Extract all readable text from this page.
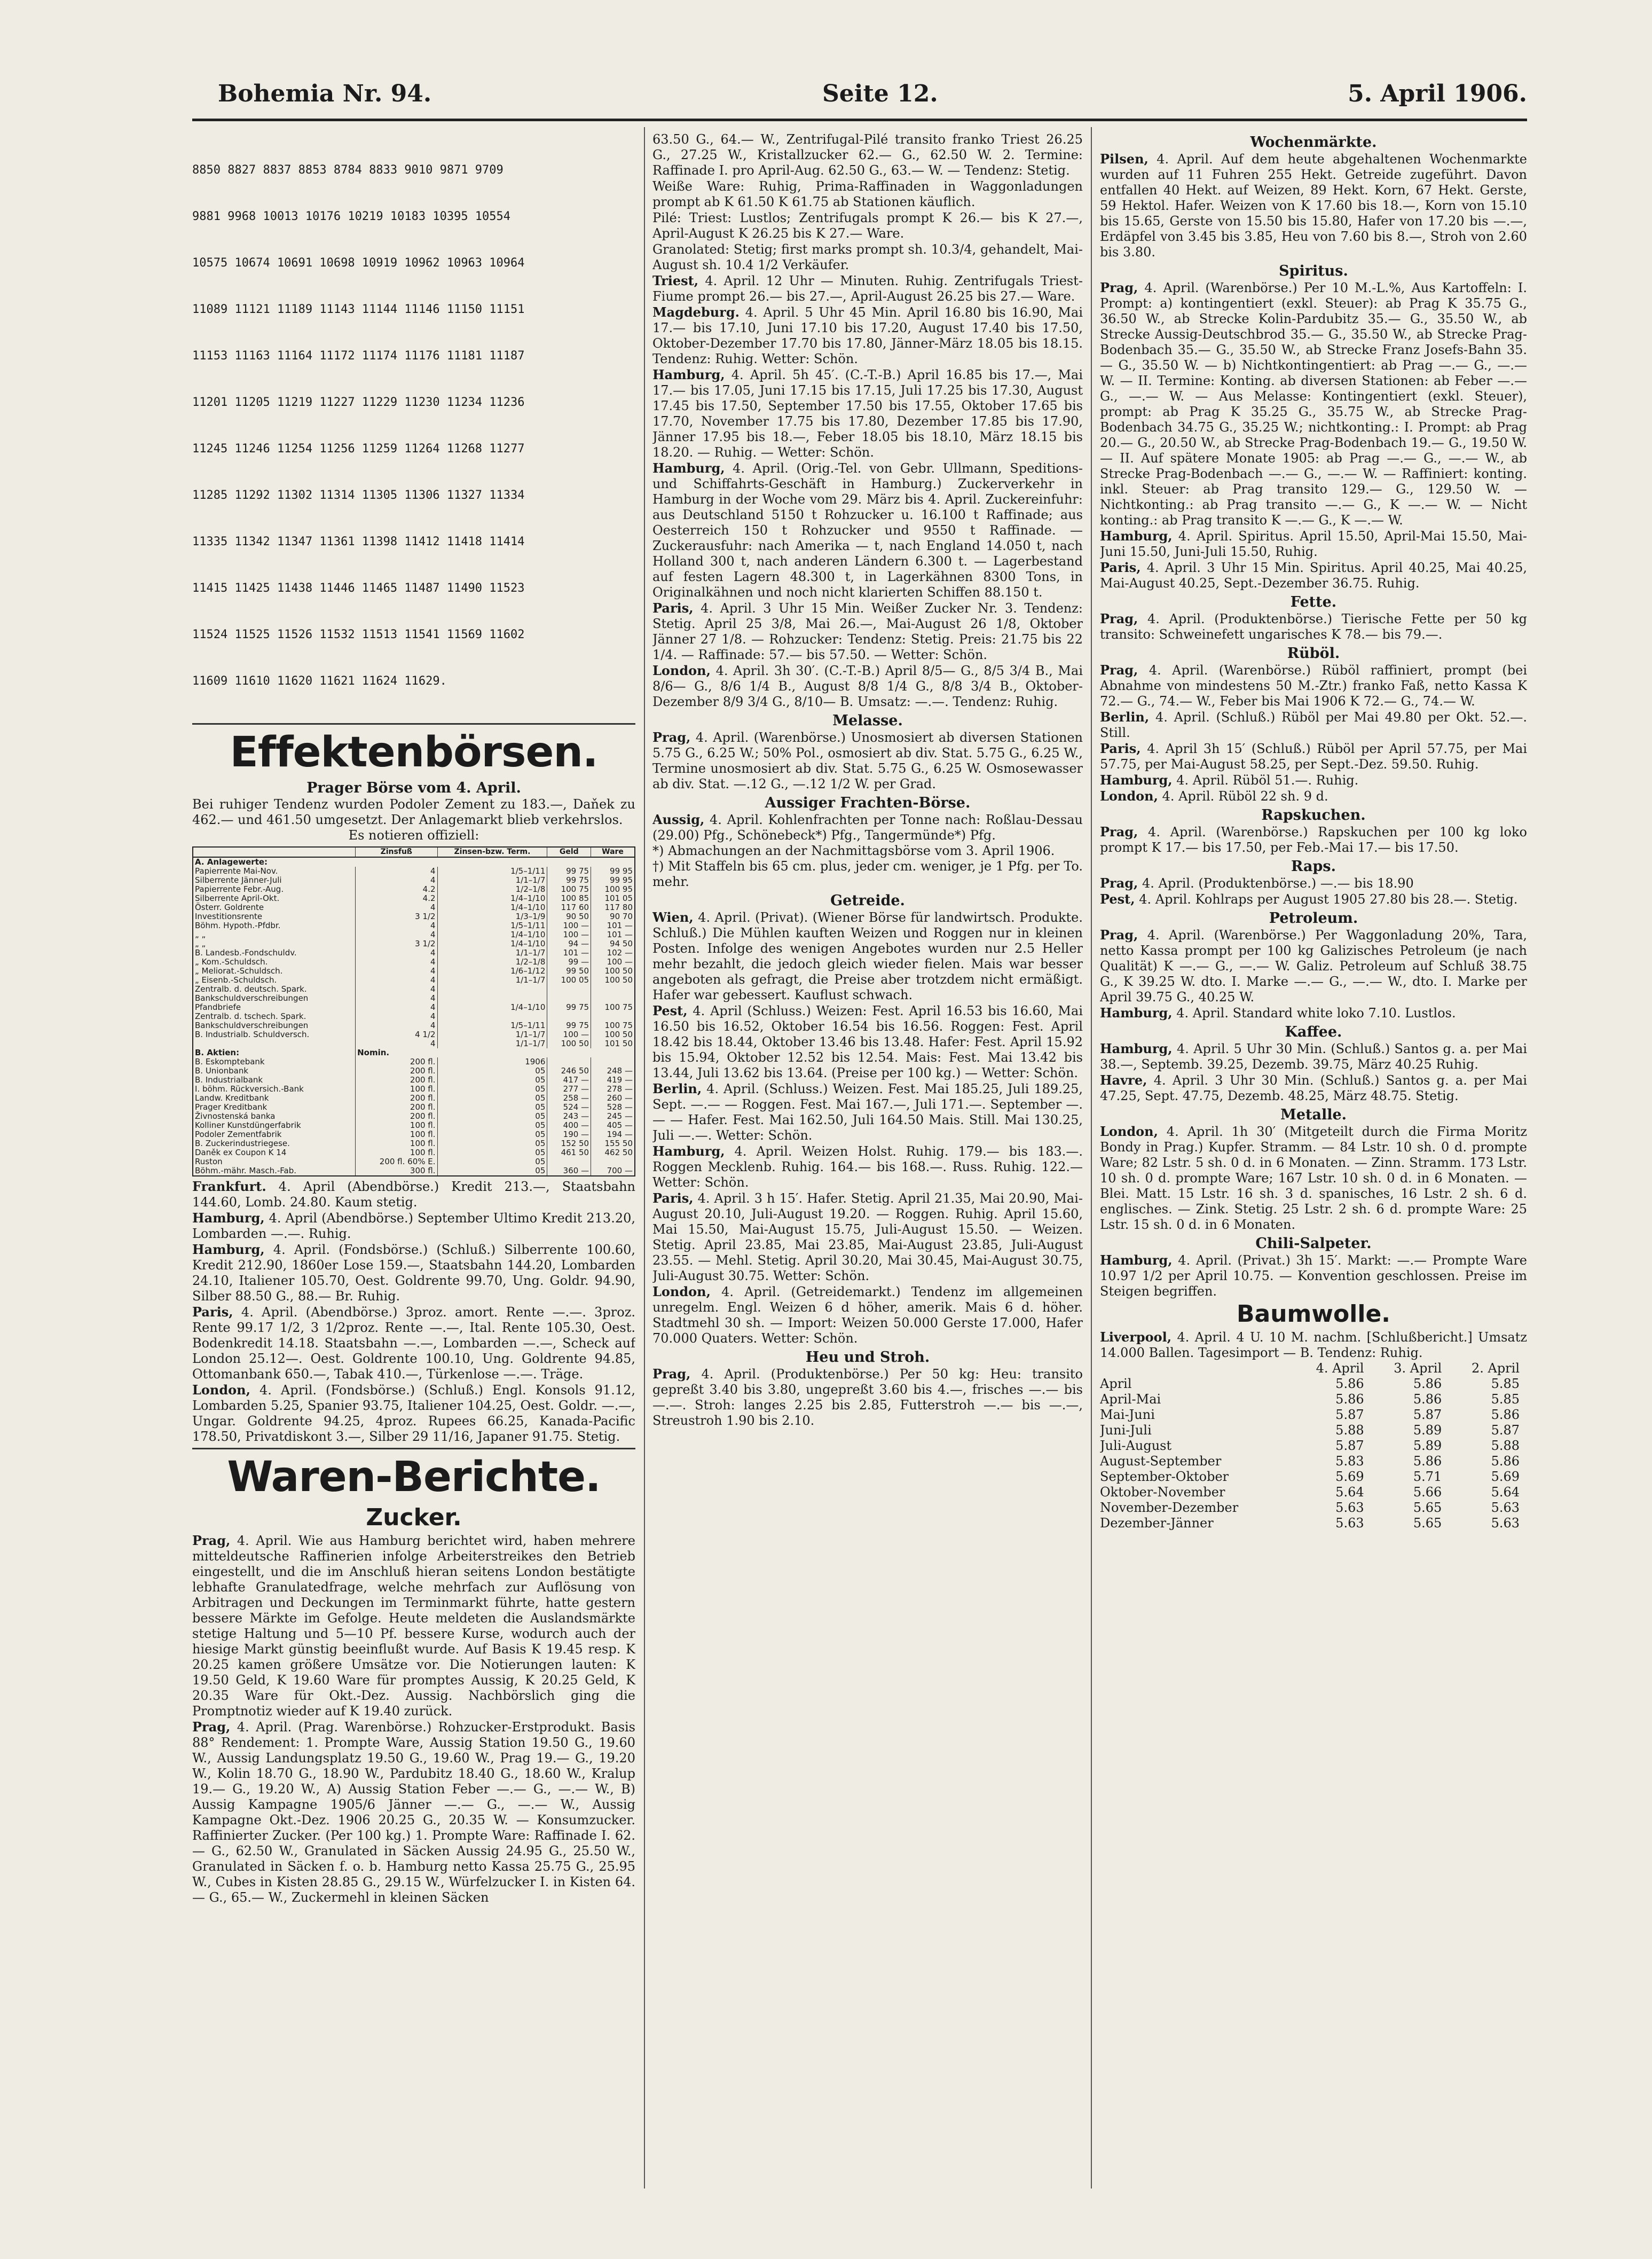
Bohemia Nr. 94.	Seite 12.	5. April 1906.

8850 8827 8837 8853 8784 8833 9010 9871 9709

9881 9968 10013 10176 10219 10183 10395 10554

10575 10674 10691 10698 10919 10962 10963 10964

11089 11121 11189 11143 11144 11146 11150 11151

11153 11163 11164 11172 11174 11176 11181 11187

11201 11205 11219 11227 11229 11230 11234 11236

11245 11246 11254 11256 11259 11264 11268 11277

11285 11292 11302 11314 11305 11306 11327 11334

11335 11342 11347 11361 11398 11412 11418 11414

11415 11425 11438 11446 11465 11487 11490 11523

11524 11525 11526 11532 11513 11541 11569 11602

11609 11610 11620 11621 11624 11629.

Effektenbörsen.
Prager Börse vom 4. April.

Bei ruhiger Tendenz wurden Podoler Zement zu 183.—, Daňek zu 462.— und 461.50 umgesetzt. Der Anlagemarkt blieb verkehrslos.

Es notieren offiziell:
	Zinsfuß	Zinsen-bzw. Term.	Geld	Ware
A. Anlagewerte:				
Papierrente Mai-Nov.	4	1/5–1/11	99 75	99 95
Silberrente Jänner-Juli	4	1/1–1/7	99 75	99 95
Papierrente Febr.-Aug.	4.2	1/2–1/8	100 75	100 95
Silberrente April-Okt.	4.2	1/4–1/10	100 85	101 05
Österr. Goldrente	4	1/4–1/10	117 60	117 80
Investitionsrente	3 1/2	1/3–1/9	90 50	90 70
Böhm. Hypoth.-Pfdbr.	4	1/5–1/11	100 —	101 —
„ „	4	1/4–1/10	100 —	101 —
„ „	3 1/2	1/4–1/10	94 —	94 50
B. Landesb.-Fondschuldv.	4	1/1–1/7	101 —	102 —
„ Kom.-Schuldsch.	4	1/2–1/8	99 —	100 —
„ Meliorat.-Schuldsch.	4	1/6–1/12	99 50	100 50
„ Eisenb.-Schuldsch.	4	1/1–1/7	100 05	100 50
Zentralb. d. deutsch. Spark.	4			
Bankschuldverschreibungen	4			
Pfandbriefe	4	1/4–1/10	99 75	100 75
Zentralb. d. tschech. Spark.	4			
Bankschuldverschreibungen	4	1/5–1/11	99 75	100 75
B. Industrialb. Schuldversch.	4 1/2	1/1–1/7	100 —	100 50
	4	1/1–1/7	100 50	101 50
B. Aktien:	Nomin.			
B. Eskomptebank	200 fl.	1906		
B. Unionbank	200 fl.	05	246 50	248 —
B. Industrialbank	200 fl.	05	417 —	419 —
I. böhm. Rückversich.-Bank	100 fl.	05	277 —	278 —
Landw. Kreditbank	200 fl.	05	258 —	260 —
Prager Kreditbank	200 fl.	05	524 —	528 —
Živnostenská banka	200 fl.	05	243 —	245 —
Kolliner Kunstdüngerfabrik	100 fl.	05	400 —	405 —
Podoler Zementfabrik	100 fl.	05	190 —	194 —
B. Zuckerindustriegese.	100 fl.	05	152 50	155 50
Daněk ex Coupon K 14	100 fl.	05	461 50	462 50
Ruston	200 fl. 60% E.	05		
Böhm.-mähr. Masch.-Fab.	300 fl.	05	360 —	700 —

Frankfurt. 4. April (Abendbörse.) Kredit 213.—, Staatsbahn 144.60, Lomb. 24.80. Kaum stetig.

Hamburg, 4. April (Abendbörse.) September Ultimo Kredit 213.20, Lombarden —.—. Ruhig.

Hamburg, 4. April. (Fondsbörse.) (Schluß.) Silberrente 100.60, Kredit 212.90, 1860er Lose 159.—, Staatsbahn 144.20, Lombarden 24.10, Italiener 105.70, Oest. Goldrente 99.70, Ung. Goldr. 94.90, Silber 88.50 G., 88.— Br. Ruhig.

Paris, 4. April. (Abendbörse.) 3proz. amort. Rente —.—. 3proz. Rente 99.17 1/2, 3 1/2proz. Rente —.—, Ital. Rente 105.30, Oest. Bodenkredit 14.18. Staatsbahn —.—, Lombarden —.—, Scheck auf London 25.12—. Oest. Goldrente 100.10, Ung. Goldrente 94.85, Ottomanbank 650.—, Tabak 410.—, Türkenlose —.—. Träge.

London, 4. April. (Fondsbörse.) (Schluß.) Engl. Konsols 91.12, Lombarden 5.25, Spanier 93.75, Italiener 104.25, Oest. Goldr. —.—, Ungar. Goldrente 94.25, 4proz. Rupees 66.25, Kanada-Pacific 178.50, Privatdiskont 3.—, Silber 29 11/16, Japaner 91.75. Stetig.

Waren-Berichte.
Zucker.

Prag, 4. April. Wie aus Hamburg berichtet wird, haben mehrere mitteldeutsche Raffinerien infolge Arbeiterstreikes den Betrieb eingestellt, und die im Anschluß hieran seitens London bestätigte lebhafte Granulatedfrage, welche mehrfach zur Auflösung von Arbitragen und Deckungen im Terminmarkt führte, hatte gestern bessere Märkte im Gefolge. Heute meldeten die Auslandsmärkte stetige Haltung und 5—10 Pf. bessere Kurse, wodurch auch der hiesige Markt günstig beeinflußt wurde. Auf Basis K 19.45 resp. K 20.25 kamen größere Umsätze vor. Die Notierungen lauten: K 19.50 Geld, K 19.60 Ware für promptes Aussig, K 20.25 Geld, K 20.35 Ware für Okt.-Dez. Aussig. Nachbörslich ging die Promptnotiz wieder auf K 19.40 zurück.

Prag, 4. April. (Prag. Warenbörse.) Rohzucker-Erstprodukt. Basis 88° Rendement: 1. Prompte Ware, Aussig Station 19.50 G., 19.60 W., Aussig Landungsplatz 19.50 G., 19.60 W., Prag 19.— G., 19.20 W., Kolin 18.70 G., 18.90 W., Pardubitz 18.40 G., 18.60 W., Kralup 19.— G., 19.20 W., A) Aussig Station Feber —.— G., —.— W., B) Aussig Kampagne 1905/6 Jänner —.— G., —.— W., Aussig Kampagne Okt.-Dez. 1906 20.25 G., 20.35 W. — Konsumzucker. Raffinierter Zucker. (Per 100 kg.) 1. Prompte Ware: Raffinade I. 62.— G., 62.50 W., Granulated in Säcken Aussig 24.95 G., 25.50 W., Granulated in Säcken f. o. b. Hamburg netto Kassa 25.75 G., 25.95 W., Cubes in Kisten 28.85 G., 29.15 W., Würfelzucker I. in Kisten 64.— G., 65.— W., Zuckermehl in kleinen Säcken

63.50 G., 64.— W., Zentrifugal-Pilé transito franko Triest 26.25 G., 27.25 W., Kristallzucker 62.— G., 62.50 W. 2. Termine: Raffinade I. pro April-Aug. 62.50 G., 63.— W. — Tendenz: Stetig.

Weiße Ware: Ruhig, Prima-Raffinaden in Waggonladungen prompt ab K 61.50 K 61.75 ab Stationen käuflich.

Pilé: Triest: Lustlos; Zentrifugals prompt K 26.— bis K 27.—, April-August K 26.25 bis K 27.— Ware.

Granolated: Stetig; first marks prompt sh. 10.3/4, gehandelt, Mai-August sh. 10.4 1/2 Verkäufer.

Triest, 4. April. 12 Uhr — Minuten. Ruhig. Zentrifugals Triest-Fiume prompt 26.— bis 27.—, April-August 26.25 bis 27.— Ware.

Magdeburg. 4. April. 5 Uhr 45 Min. April 16.80 bis 16.90, Mai 17.— bis 17.10, Juni 17.10 bis 17.20, August 17.40 bis 17.50, Oktober-Dezember 17.70 bis 17.80, Jänner-März 18.05 bis 18.15. Tendenz: Ruhig. Wetter: Schön.

Hamburg, 4. April. 5h 45′. (C.-T.-B.) April 16.85 bis 17.—, Mai 17.— bis 17.05, Juni 17.15 bis 17.15, Juli 17.25 bis 17.30, August 17.45 bis 17.50, September 17.50 bis 17.55, Oktober 17.65 bis 17.70, November 17.75 bis 17.80, Dezember 17.85 bis 17.90, Jänner 17.95 bis 18.—, Feber 18.05 bis 18.10, März 18.15 bis 18.20. — Ruhig. — Wetter: Schön.

Hamburg, 4. April. (Orig.-Tel. von Gebr. Ullmann, Speditions- und Schiffahrts-Geschäft in Hamburg.) Zuckerverkehr in Hamburg in der Woche vom 29. März bis 4. April. Zuckereinfuhr: aus Deutschland 5150 t Rohzucker u. 16.100 t Raffinade; aus Oesterreich 150 t Rohzucker und 9550 t Raffinade. — Zuckerausfuhr: nach Amerika — t, nach England 14.050 t, nach Holland 300 t, nach anderen Ländern 6.300 t. — Lagerbestand auf festen Lagern 48.300 t, in Lagerkähnen 8300 Tons, in Originalkähnen und noch nicht klarierten Schiffen 88.150 t.

Paris, 4. April. 3 Uhr 15 Min. Weißer Zucker Nr. 3. Tendenz: Stetig. April 25 3/8, Mai 26.—, Mai-August 26 1/8, Oktober Jänner 27 1/8. — Rohzucker: Tendenz: Stetig. Preis: 21.75 bis 22 1/4. — Raffinade: 57.— bis 57.50. — Wetter: Schön.

London, 4. April. 3h 30′. (C.-T.-B.) April 8/5— G., 8/5 3/4 B., Mai 8/6— G., 8/6 1/4 B., August 8/8 1/4 G., 8/8 3/4 B., Oktober-Dezember 8/9 3/4 G., 8/10— B. Umsatz: —.—. Tendenz: Ruhig.

Melasse.

Prag, 4. April. (Warenbörse.) Unosmosiert ab diversen Stationen 5.75 G., 6.25 W.; 50% Pol., osmosiert ab div. Stat. 5.75 G., 6.25 W., Termine unosmosiert ab div. Stat. 5.75 G., 6.25 W. Osmosewasser ab div. Stat. —.12 G., —.12 1/2 W. per Grad.

Aussiger Frachten-Börse.

Aussig, 4. April. Kohlenfrachten per Tonne nach: Roßlau-Dessau (29.00) Pfg., Schönebeck*) Pfg., Tangermünde*) Pfg.

*) Abmachungen an der Nachmittagsbörse vom 3. April 1906.

†) Mit Staffeln bis 65 cm. plus, jeder cm. weniger, je 1 Pfg. per To. mehr.

Getreide.

Wien, 4. April. (Privat). (Wiener Börse für landwirtsch. Produkte. Schluß.) Die Mühlen kauften Weizen und Roggen nur in kleinen Posten. Infolge des wenigen Angebotes wurden nur 2.5 Heller mehr bezahlt, die jedoch gleich wieder fielen. Mais war besser angeboten als gefragt, die Preise aber trotzdem nicht ermäßigt. Hafer war gebessert. Kauflust schwach.

Pest, 4. April (Schluss.) Weizen: Fest. April 16.53 bis 16.60, Mai 16.50 bis 16.52, Oktober 16.54 bis 16.56. Roggen: Fest. April 18.42 bis 18.44, Oktober 13.46 bis 13.48. Hafer: Fest. April 15.92 bis 15.94, Oktober 12.52 bis 12.54. Mais: Fest. Mai 13.42 bis 13.44, Juli 13.62 bis 13.64. (Preise per 100 kg.) — Wetter: Schön.

Berlin, 4. April. (Schluss.) Weizen. Fest. Mai 185.25, Juli 189.25, Sept. —.— — Roggen. Fest. Mai 167.—, Juli 171.—. September —.— — Hafer. Fest. Mai 162.50, Juli 164.50 Mais. Still. Mai 130.25, Juli —.—. Wetter: Schön.

Hamburg, 4. April. Weizen Holst. Ruhig. 179.— bis 183.—. Roggen Mecklenb. Ruhig. 164.— bis 168.—. Russ. Ruhig. 122.— Wetter: Schön.

Paris, 4. April. 3 h 15′. Hafer. Stetig. April 21.35, Mai 20.90, Mai-August 20.10, Juli-August 19.20. — Roggen. Ruhig. April 15.60, Mai 15.50, Mai-August 15.75, Juli-August 15.50. — Weizen. Stetig. April 23.85, Mai 23.85, Mai-August 23.85, Juli-August 23.55. — Mehl. Stetig. April 30.20, Mai 30.45, Mai-August 30.75, Juli-August 30.75. Wetter: Schön.

London, 4. April. (Getreidemarkt.) Tendenz im allgemeinen unregelm. Engl. Weizen 6 d höher, amerik. Mais 6 d. höher. Stadtmehl 30 sh. — Import: Weizen 50.000 Gerste 17.000, Hafer 70.000 Quaters. Wetter: Schön.

Heu und Stroh.

Prag, 4. April. (Produktenbörse.) Per 50 kg: Heu: transito gepreßt 3.40 bis 3.80, ungepreßt 3.60 bis 4.—, frisches —.— bis —.—. Stroh: langes 2.25 bis 2.85, Futterstroh —.— bis —.—, Streustroh 1.90 bis 2.10.

Wochenmärkte.

Pilsen, 4. April. Auf dem heute abgehaltenen Wochenmarkte wurden auf 11 Fuhren 255 Hekt. Getreide zugeführt. Davon entfallen 40 Hekt. auf Weizen, 89 Hekt. Korn, 67 Hekt. Gerste, 59 Hektol. Hafer. Weizen von K 17.60 bis 18.—, Korn von 15.10 bis 15.65, Gerste von 15.50 bis 15.80, Hafer von 17.20 bis —.—, Erdäpfel von 3.45 bis 3.85, Heu von 7.60 bis 8.—, Stroh von 2.60 bis 3.80.

Spiritus.

Prag, 4. April. (Warenbörse.) Per 10 M.-L.%, Aus Kartoffeln: I. Prompt: a) kontingentiert (exkl. Steuer): ab Prag K 35.75 G., 36.50 W., ab Strecke Kolin-Pardubitz 35.— G., 35.50 W., ab Strecke Aussig-Deutschbrod 35.— G., 35.50 W., ab Strecke Prag-Bodenbach 35.— G., 35.50 W., ab Strecke Franz Josefs-Bahn 35.— G., 35.50 W. — b) Nichtkontingentiert: ab Prag —.— G., —.— W. — II. Termine: Konting. ab diversen Stationen: ab Feber —.— G., —.— W. — Aus Melasse: Kontingentiert (exkl. Steuer), prompt: ab Prag K 35.25 G., 35.75 W., ab Strecke Prag-Bodenbach 34.75 G., 35.25 W.; nichtkonting.: I. Prompt: ab Prag 20.— G., 20.50 W., ab Strecke Prag-Bodenbach 19.— G., 19.50 W. — II. Auf spätere Monate 1905: ab Prag —.— G., —.— W., ab Strecke Prag-Bodenbach —.— G., —.— W. — Raffiniert: konting. inkl. Steuer: ab Prag transito 129.— G., 129.50 W. — Nichtkonting.: ab Prag transito —.— G., K —.— W. — Nicht konting.: ab Prag transito K —.— G., K —.— W.

Hamburg, 4. April. Spiritus. April 15.50, April-Mai 15.50, Mai-Juni 15.50, Juni-Juli 15.50, Ruhig.

Paris, 4. April. 3 Uhr 15 Min. Spiritus. April 40.25, Mai 40.25, Mai-August 40.25, Sept.-Dezember 36.75. Ruhig.

Fette.

Prag, 4. April. (Produktenbörse.) Tierische Fette per 50 kg transito: Schweinefett ungarisches K 78.— bis 79.—.

Rüböl.

Prag, 4. April. (Warenbörse.) Rüböl raffiniert, prompt (bei Abnahme von mindestens 50 M.-Ztr.) franko Faß, netto Kassa K 72.— G., 74.— W., Feber bis Mai 1906 K 72.— G., 74.— W.

Berlin, 4. April. (Schluß.) Rüböl per Mai 49.80 per Okt. 52.—. Still.

Paris, 4. April 3h 15′ (Schluß.) Rüböl per April 57.75, per Mai 57.75, per Mai-August 58.25, per Sept.-Dez. 59.50. Ruhig.

Hamburg, 4. April. Rüböl 51.—. Ruhig.

London, 4. April. Rüböl 22 sh. 9 d.

Rapskuchen.

Prag, 4. April. (Warenbörse.) Rapskuchen per 100 kg loko prompt K 17.— bis 17.50, per Feb.-Mai 17.— bis 17.50.

Raps.

Prag, 4. April. (Produktenbörse.) —.— bis 18.90

Pest, 4. April. Kohlraps per August 1905 27.80 bis 28.—. Stetig.

Petroleum.

Prag, 4. April. (Warenbörse.) Per Waggonladung 20%, Tara, netto Kassa prompt per 100 kg Galizisches Petroleum (je nach Qualität) K —.— G., —.— W. Galiz. Petroleum auf Schluß 38.75 G., K 39.25 W. dto. I. Marke —.— G., —.— W., dto. I. Marke per April 39.75 G., 40.25 W.

Hamburg, 4. April. Standard white loko 7.10. Lustlos.

Kaffee.

Hamburg, 4. April. 5 Uhr 30 Min. (Schluß.) Santos g. a. per Mai 38.—, Septemb. 39.25, Dezemb. 39.75, März 40.25 Ruhig.

Havre, 4. April. 3 Uhr 30 Min. (Schluß.) Santos g. a. per Mai 47.25, Sept. 47.75, Dezemb. 48.25, März 48.75. Stetig.

Metalle.

London, 4. April. 1h 30′ (Mitgeteilt durch die Firma Moritz Bondy in Prag.) Kupfer. Stramm. — 84 Lstr. 10 sh. 0 d. prompte Ware; 82 Lstr. 5 sh. 0 d. in 6 Monaten. — Zinn. Stramm. 173 Lstr. 10 sh. 0 d. prompte Ware; 167 Lstr. 10 sh. 0 d. in 6 Monaten. — Blei. Matt. 15 Lstr. 16 sh. 3 d. spanisches, 16 Lstr. 2 sh. 6 d. englisches. — Zink. Stetig. 25 Lstr. 2 sh. 6 d. prompte Ware: 25 Lstr. 15 sh. 0 d. in 6 Monaten.

Chili-Salpeter.

Hamburg, 4. April. (Privat.) 3h 15′. Markt: —.— Prompte Ware 10.97 1/2 per April 10.75. — Konvention geschlossen. Preise im Steigen begriffen.

Baumwolle.

Liverpool, 4. April. 4 U. 10 M. nachm. [Schlußbericht.] Umsatz 14.000 Ballen. Tagesimport — B. Tendenz: Ruhig.

	4. April	3. April	2. April
April	5.86	5.86	5.85
April-Mai	5.86	5.86	5.85
Mai-Juni	5.87	5.87	5.86
Juni-Juli	5.88	5.89	5.87
Juli-August	5.87	5.89	5.88
August-September	5.83	5.86	5.86
September-Oktober	5.69	5.71	5.69
Oktober-November	5.64	5.66	5.64
November-Dezember	5.63	5.65	5.63
Dezember-Jänner	5.63	5.65	5.63
